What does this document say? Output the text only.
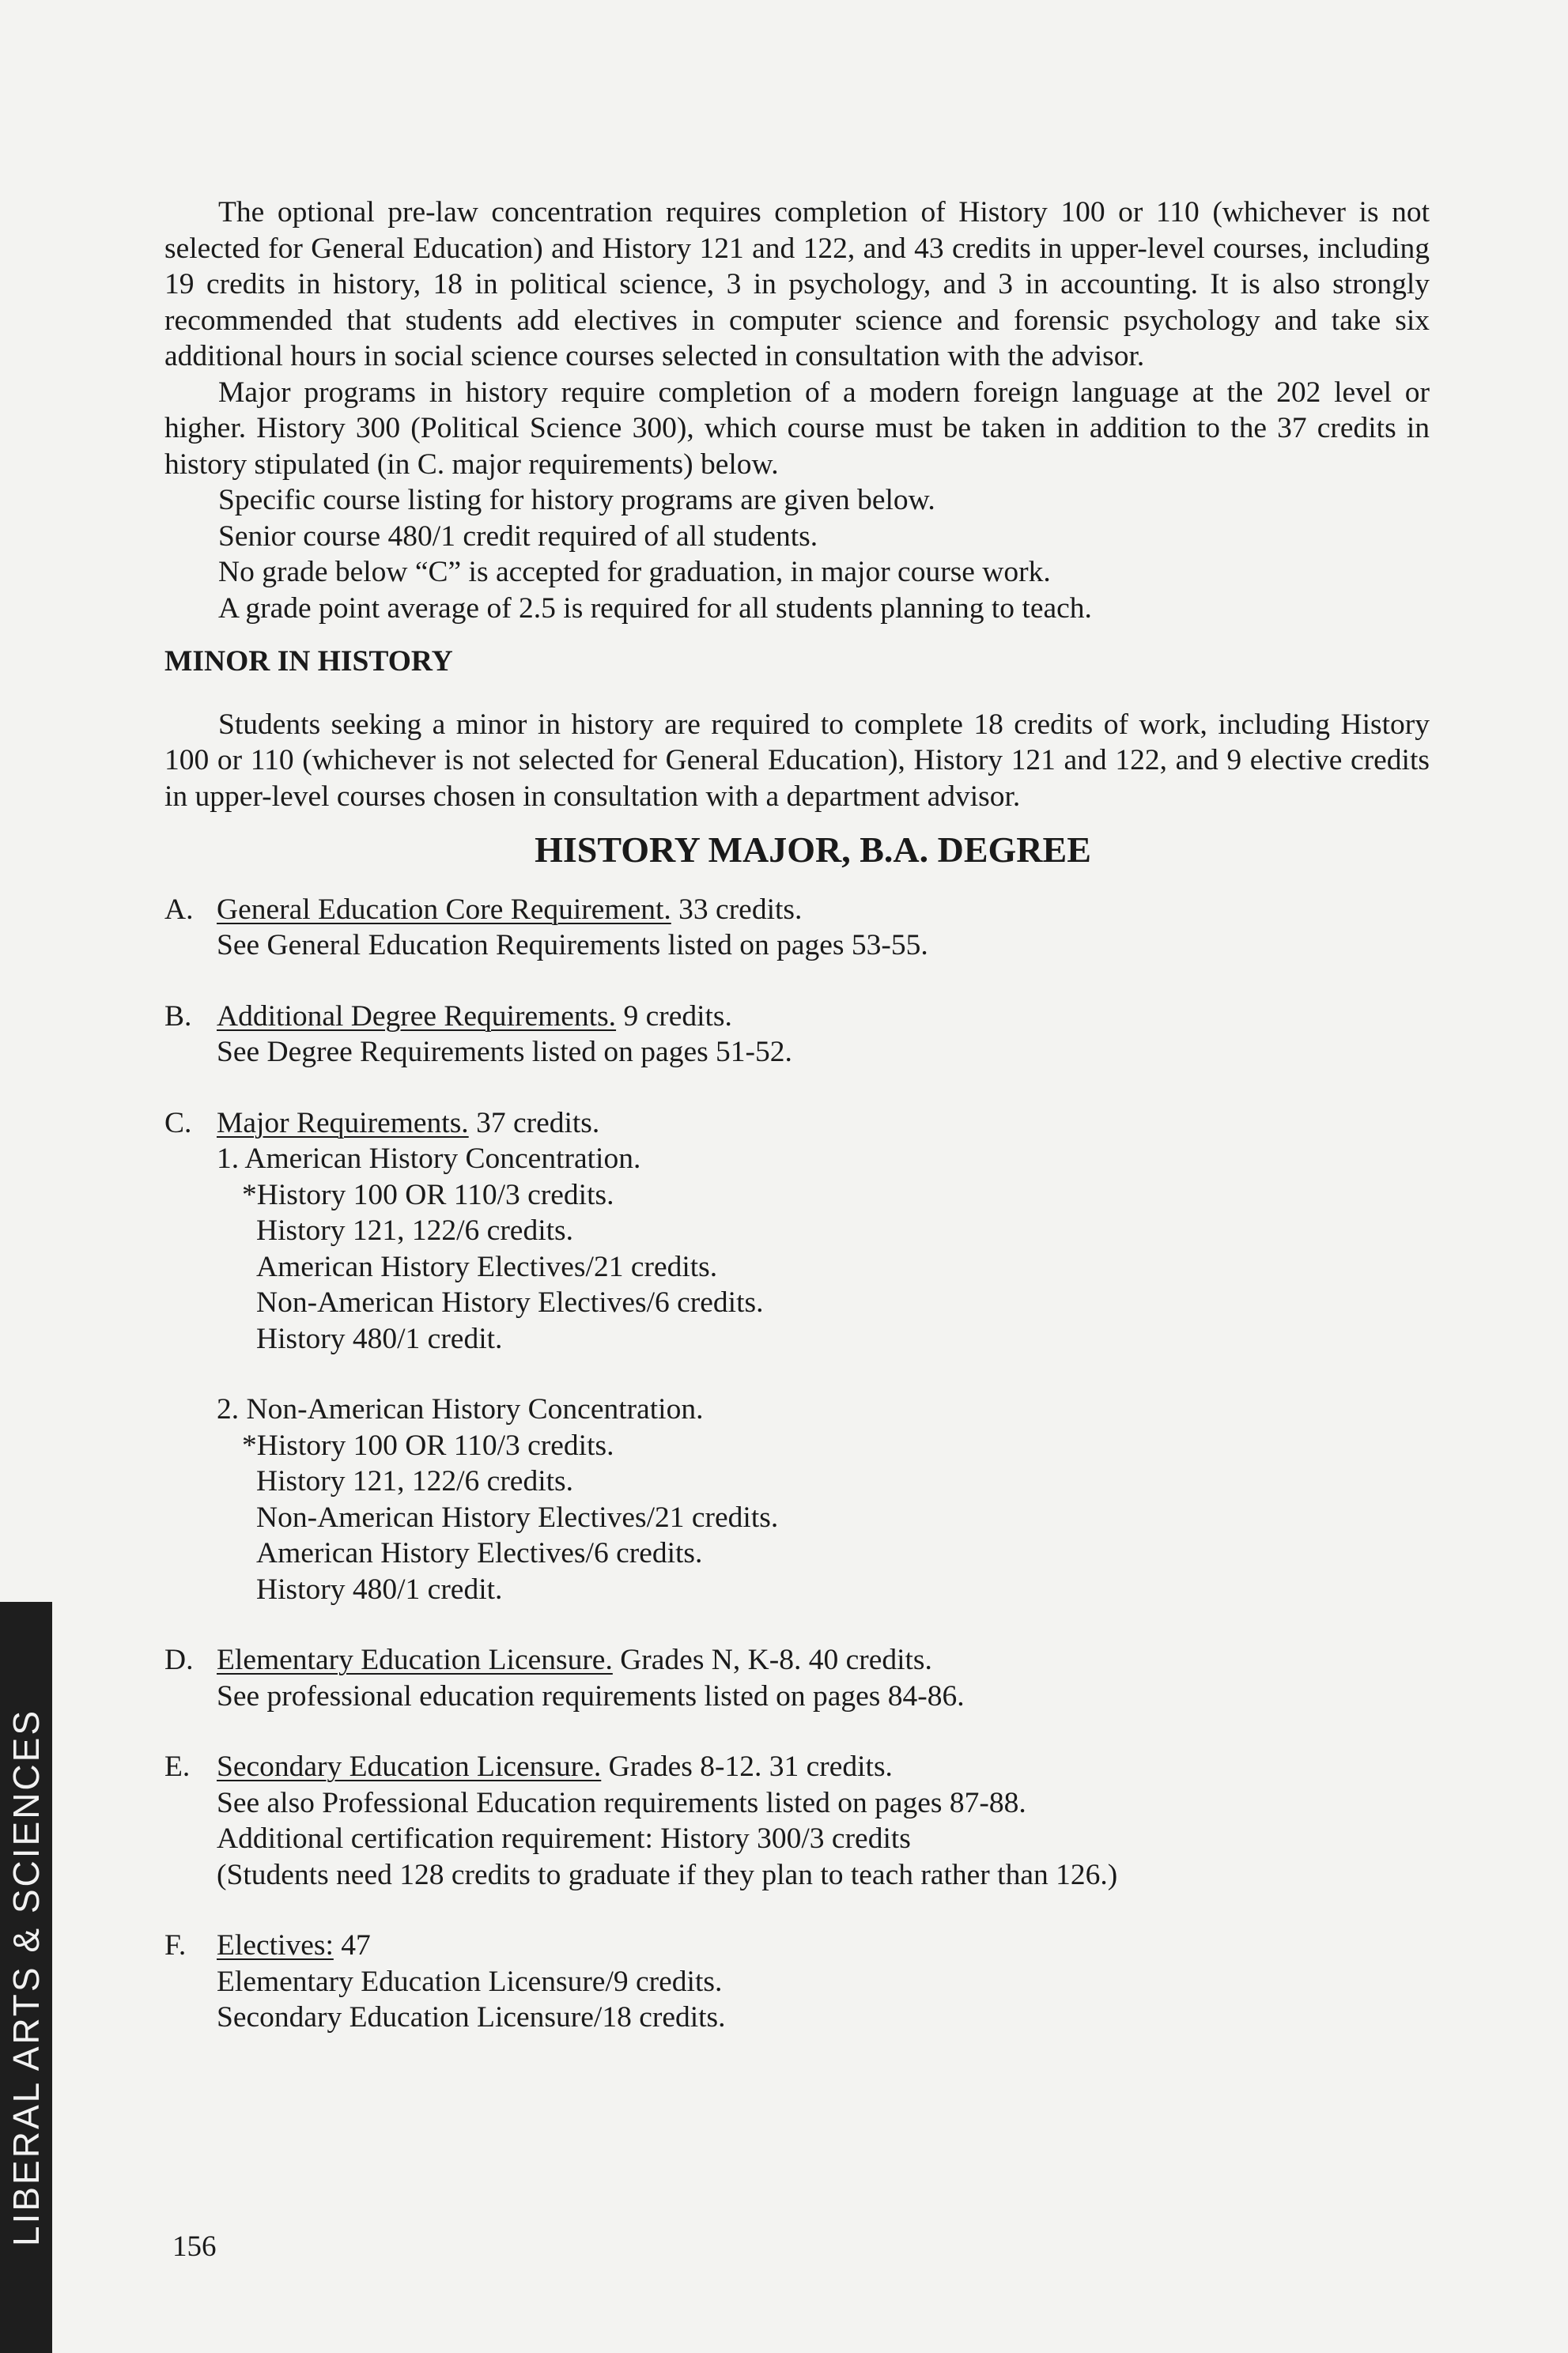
The optional pre-law concentration requires completion of History 100 or 110 (whichever is not selected for General Education) and History 121 and 122, and 43 credits in upper-level courses, including 19 credits in history, 18 in political science, 3 in psychology, and 3 in accounting. It is also strongly recommended that students add electives in computer science and forensic psychology and take six additional hours in social science courses selected in consultation with the advisor.

Major programs in history require completion of a modern foreign language at the 202 level or higher. History 300 (Political Science 300), which course must be taken in addition to the 37 credits in history stipulated (in C. major requirements) below.

Specific course listing for history programs are given below.

Senior course 480/1 credit required of all students.

No grade below “C” is accepted for graduation, in major course work.

A grade point average of 2.5 is required for all students planning to teach.

MINOR IN HISTORY

Students seeking a minor in history are required to complete 18 credits of work, including History 100 or 110 (whichever is not selected for General Education), History 121 and 122, and 9 elective credits in upper-level courses chosen in consultation with a department advisor.

HISTORY MAJOR, B.A. DEGREE
A. General Education Core Requirement. 33 credits.
See General Education Requirements listed on pages 53-55.
B. Additional Degree Requirements. 9 credits.
See Degree Requirements listed on pages 51-52.
C. Major Requirements. 37 credits.
1. American History Concentration.
*History 100 OR 110/3 credits.
History 121, 122/6 credits.
American History Electives/21 credits.
Non-American History Electives/6 credits.
History 480/1 credit.
2. Non-American History Concentration.
*History 100 OR 110/3 credits.
History 121, 122/6 credits.
Non-American History Electives/21 credits.
American History Electives/6 credits.
History 480/1 credit.
D. Elementary Education Licensure. Grades N, K-8. 40 credits.
See professional education requirements listed on pages 84-86.
E. Secondary Education Licensure. Grades 8-12. 31 credits.
See also Professional Education requirements listed on pages 87-88.
Additional certification requirement: History 300/3 credits
(Students need 128 credits to graduate if they plan to teach rather than 126.)
F.	Electives: 47
Elementary Education Licensure/9 credits.
Secondary Education Licensure/18 credits.
156
LIBERAL ARTS & SCIENCES
